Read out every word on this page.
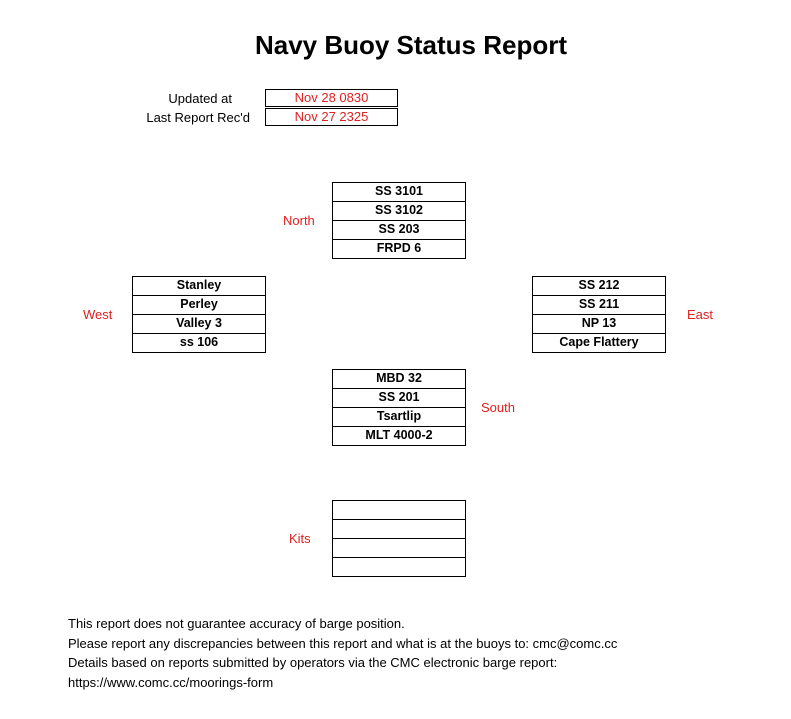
Navy Buoy Status Report
Updated at	Nov 28 0830
Last Report Rec'd	Nov 27 2325
North
SS 3101
SS 3102
SS 203
FRPD 6
West
Stanley
Perley
Valley 3
ss 106
East
SS 212
SS 211
NP 13
Cape Flattery
South
MBD 32
SS 201
Tsartlip
MLT 4000-2
Kits
This report does not guarantee accuracy of barge position.
Please report any discrepancies between this report and what is at the buoys to: cmc@comc.cc
Details based on reports submitted by operators via the CMC electronic barge report:
https://www.comc.cc/moorings-form
